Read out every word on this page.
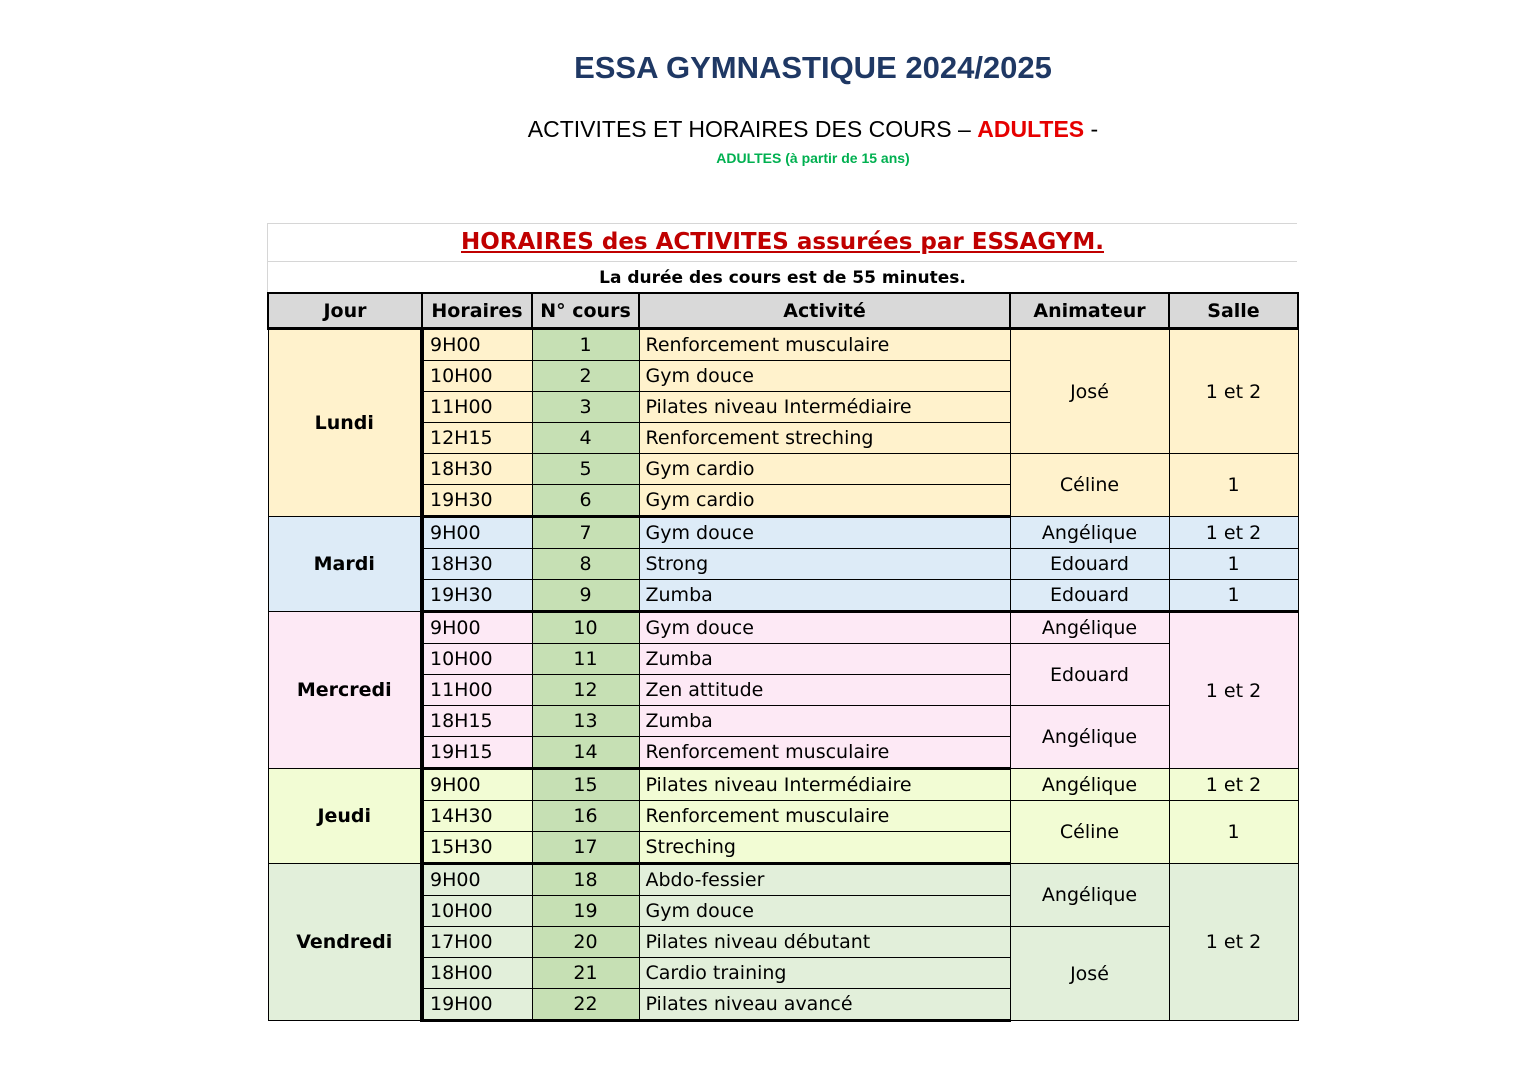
ESSA GYMNASTIQUE 2024/2025
ACTIVITES ET HORAIRES DES COURS – ADULTES -
ADULTES (à partir de 15 ans)
HORAIRES des ACTIVITES assurées par ESSAGYM.
La durée des cours est de 55 minutes.
Jour	Horaires	N° cours	Activité	Animateur	Salle
Lundi	9H00	1	Renforcement musculaire	José	1 et 2
	10H00	2	Gym douce		
	11H00	3	Pilates niveau Intermédiaire		
	12H15	4	Renforcement streching		
	18H30	5	Gym cardio	Céline	1
	19H30	6	Gym cardio		
Mardi	9H00	7	Gym douce	Angélique	1 et 2
	18H30	8	Strong	Edouard	1
	19H30	9	Zumba	Edouard	1
Mercredi	9H00	10	Gym douce	Angélique	1 et 2
	10H00	11	Zumba	Edouard	
	11H00	12	Zen attitude		
	18H15	13	Zumba	Angélique	
	19H15	14	Renforcement musculaire		
Jeudi	9H00	15	Pilates niveau Intermédiaire	Angélique	1 et 2
	14H30	16	Renforcement musculaire	Céline	1
	15H30	17	Streching		
Vendredi	9H00	18	Abdo-fessier	Angélique	1 et 2
	10H00	19	Gym douce		
	17H00	20	Pilates niveau débutant	José	
	18H00	21	Cardio training		
	19H00	22	Pilates niveau avancé		
